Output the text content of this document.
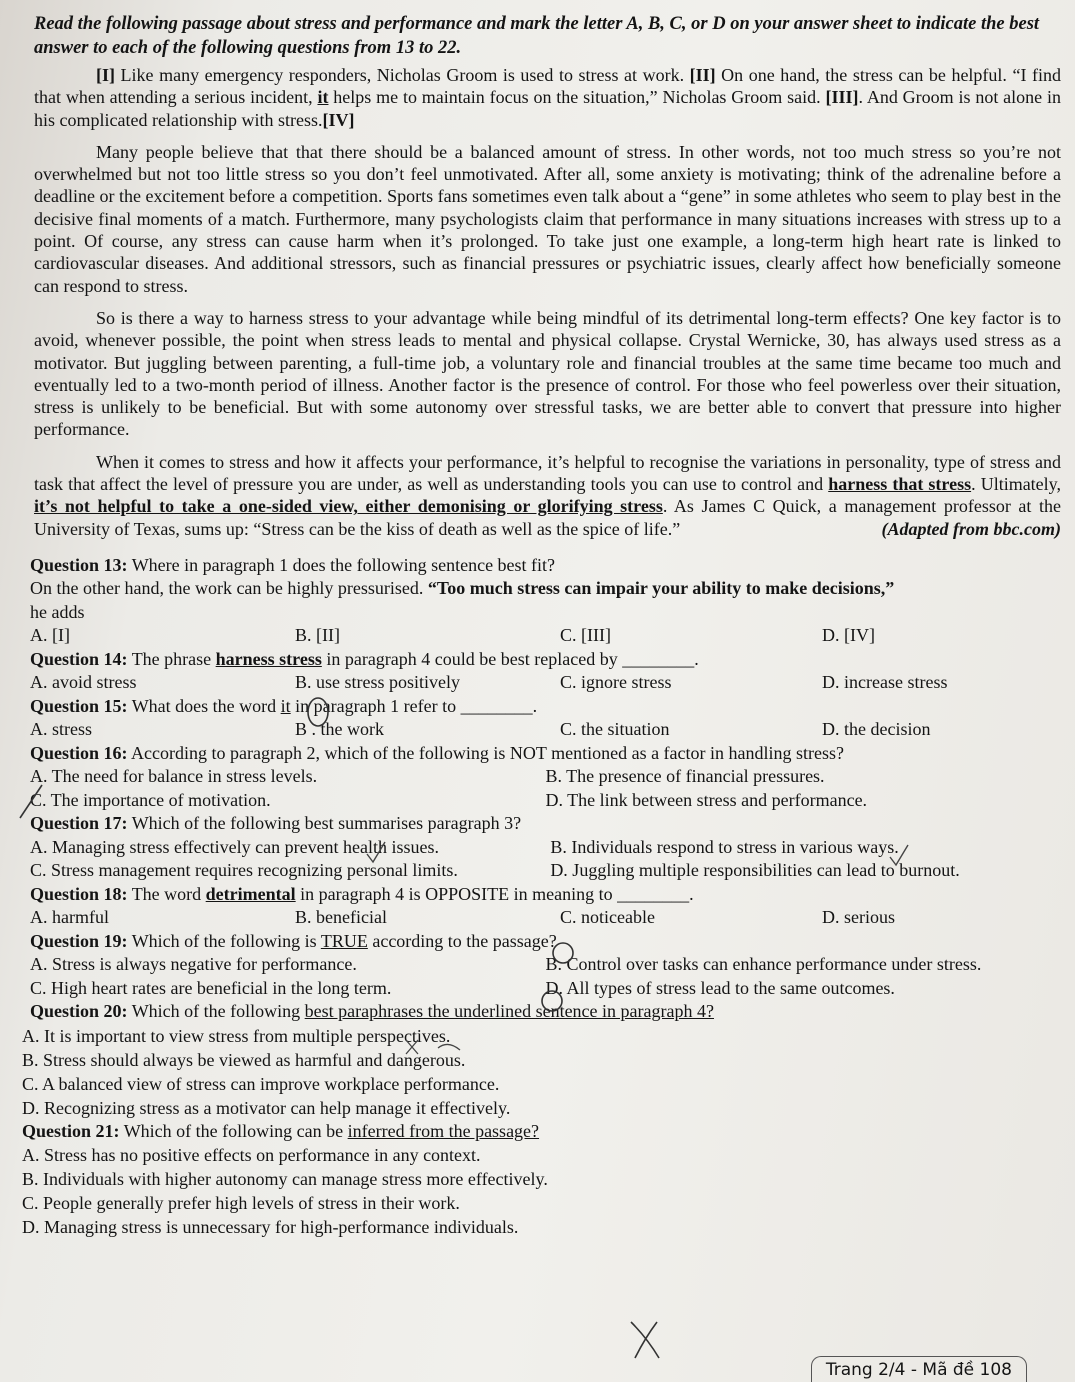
Read the following passage about stress and performance and mark the letter A, B, C, or D on your answer sheet to indicate the best answer to each of the following questions from 13 to 22.
[I] Like many emergency responders, Nicholas Groom is used to stress at work. [II] On one hand, the stress can be helpful. “I find that when attending a serious incident, it helps me to maintain focus on the situation,” Nicholas Groom said. [III]. And Groom is not alone in his complicated relationship with stress.[IV]
Many people believe that that there should be a balanced amount of stress. In other words, not too much stress so you’re not overwhelmed but not too little stress so you don’t feel unmotivated. After all, some anxiety is motivating; think of the adrenaline before a deadline or the excitement before a competition. Sports fans sometimes even talk about a “gene” in some athletes who seem to play best in the decisive final moments of a match. Furthermore, many psychologists claim that performance in many situations increases with stress up to a point. Of course, any stress can cause harm when it’s prolonged. To take just one example, a long-term high heart rate is linked to cardiovascular diseases. And additional stressors, such as financial pressures or psychiatric issues, clearly affect how beneficially someone can respond to stress.
So is there a way to harness stress to your advantage while being mindful of its detrimental long-term effects? One key factor is to avoid, whenever possible, the point when stress leads to mental and physical collapse. Crystal Wernicke, 30, has always used stress as a motivator. But juggling between parenting, a full-time job, a voluntary role and financial troubles at the same time became too much and eventually led to a two-month period of illness. Another factor is the presence of control. For those who feel powerless over their situation, stress is unlikely to be beneficial. But with some autonomy over stressful tasks, we are better able to convert that pressure into higher performance.
When it comes to stress and how it affects your performance, it’s helpful to recognise the variations in personality, type of stress and task that affect the level of pressure you are under, as well as understanding tools you can use to control and harness that stress. Ultimately, it’s not helpful to take a one-sided view, either demonising or glorifying stress. As James C Quick, a management professor at the University of Texas, sums up: “Stress can be the kiss of death as well as the spice of life.”	(Adapted from bbc.com)
Question 13: Where in paragraph 1 does the following sentence best fit?
On the other hand, the work can be highly pressurised. “Too much stress can impair your ability to make decisions,”
he adds
A. [I]	B. [II]	C. [III]	D. [IV]
Question 14: The phrase harness stress in paragraph 4 could be best replaced by ________.
A. avoid stress	B. use stress positively	C. ignore stress	D. increase stress
Question 15: What does the word it in paragraph 1 refer to ________.
A. stress	B . the work	C. the situation	D. the decision
Question 16: According to paragraph 2, which of the following is NOT mentioned as a factor in handling stress?
A. The need for balance in stress levels.	B. The presence of financial pressures.
C. The importance of motivation.	D. The link between stress and performance.
Question 17: Which of the following best summarises paragraph 3?
A. Managing stress effectively can prevent health issues.	B. Individuals respond to stress in various ways.
C. Stress management requires recognizing personal limits.	D. Juggling multiple responsibilities can lead to burnout.
Question 18: The word detrimental in paragraph 4 is OPPOSITE in meaning to ________.
A. harmful	B. beneficial	C. noticeable	D. serious
Question 19: Which of the following is TRUE according to the passage?
A. Stress is always negative for performance.	B. Control over tasks can enhance performance under stress.
C. High heart rates are beneficial in the long term.	D. All types of stress lead to the same outcomes.
Question 20: Which of the following best paraphrases the underlined sentence in paragraph 4?
A. It is important to view stress from multiple perspectives.
B. Stress should always be viewed as harmful and dangerous.
C. A balanced view of stress can improve workplace performance.
D. Recognizing stress as a motivator can help manage it effectively.
Question 21: Which of the following can be inferred from the passage?
A. Stress has no positive effects on performance in any context.
B. Individuals with higher autonomy can manage stress more effectively.
C. People generally prefer high levels of stress in their work.
D. Managing stress is unnecessary for high-performance individuals.
Trang 2/4 - Mã đề 108
